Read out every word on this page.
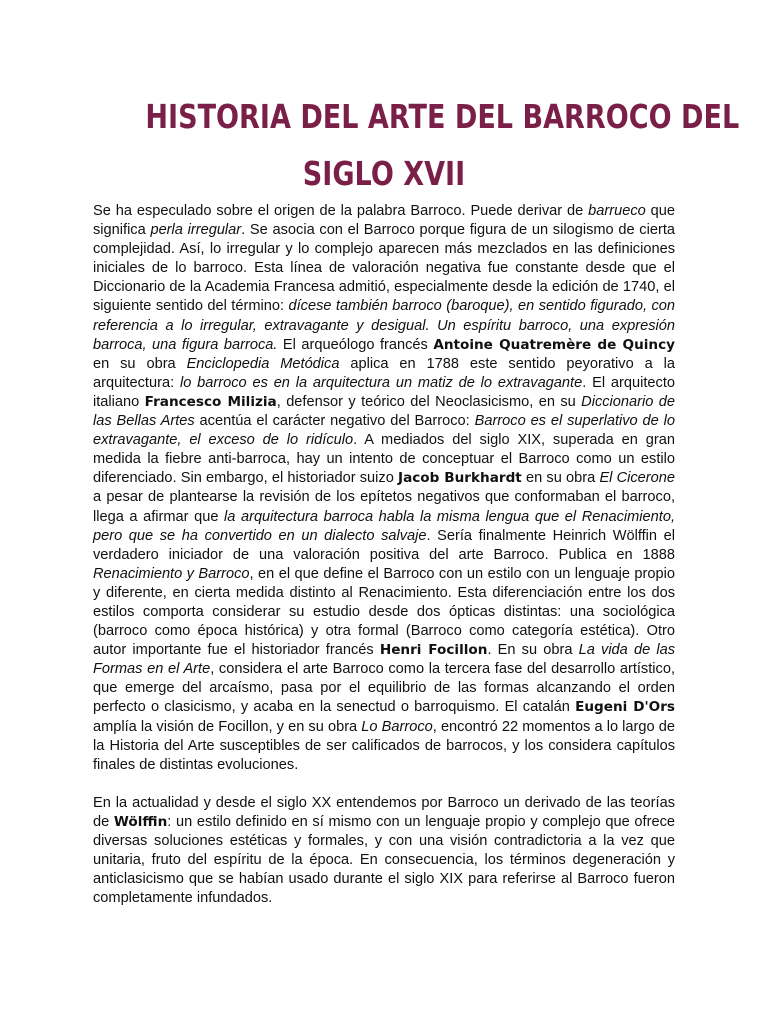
HISTORIA DEL ARTE DEL BARROCO DEL
SIGLO XVII

Se ha especulado sobre el origen de la palabra Barroco. Puede derivar de barrueco que significa perla irregular. Se asocia con el Barroco porque figura de un silogismo de cierta complejidad. Así, lo irregular y lo complejo aparecen más mezclados en las definiciones iniciales de lo barroco. Esta línea de valoración negativa fue constante desde que el Diccionario de la Academia Francesa admitió, especialmente desde la edición de 1740, el siguiente sentido del término: dícese también barroco (baroque), en sentido figurado, con referencia a lo irregular, extravagante y desigual. Un espíritu barroco, una expresión barroca, una figura barroca. El arqueólogo francés Antoine Quatremère de Quincy en su obra Enciclopedia Metódica aplica en 1788 este sentido peyorativo a la arquitectura: lo barroco es en la arquitectura un matiz de lo extravagante. El arquitecto italiano Francesco Milizia, defensor y teórico del Neoclasicismo, en su Diccionario de las Bellas Artes acentúa el carácter negativo del Barroco: Barroco es el superlativo de lo extravagante, el exceso de lo ridículo. A mediados del siglo XIX, superada en gran medida la fiebre anti-barroca, hay un intento de conceptuar el Barroco como un estilo diferenciado. Sin embargo, el historiador suizo Jacob Burkhardt en su obra El Cicerone a pesar de plantearse la revisión de los epítetos negativos que conformaban el barroco, llega a afirmar que la arquitectura barroca habla la misma lengua que el Renacimiento, pero que se ha convertido en un dialecto salvaje. Sería finalmente Heinrich Wölffin el verdadero iniciador de una valoración positiva del arte Barroco. Publica en 1888 Renacimiento y Barroco, en el que define el Barroco con un estilo con un lenguaje propio y diferente, en cierta medida distinto al Renacimiento. Esta diferenciación entre los dos estilos comporta considerar su estudio desde dos ópticas distintas: una sociológica (barroco como época histórica) y otra formal (Barroco como categoría estética). Otro autor importante fue el historiador francés Henri Focillon. En su obra La vida de las Formas en el Arte, considera el arte Barroco como la tercera fase del desarrollo artístico, que emerge del arcaísmo, pasa por el equilibrio de las formas alcanzando el orden perfecto o clasicismo, y acaba en la senectud o barroquismo. El catalán Eugeni D'Ors amplía la visión de Focillon, y en su obra Lo Barroco, encontró 22 momentos a lo largo de la Historia del Arte susceptibles de ser calificados de barrocos, y los considera capítulos finales de distintas evoluciones.

En la actualidad y desde el siglo XX entendemos por Barroco un derivado de las teorías de Wölffin: un estilo definido en sí mismo con un lenguaje propio y complejo que ofrece diversas soluciones estéticas y formales, y con una visión contradictoria a la vez que unitaria, fruto del espíritu de la época. En consecuencia, los términos degeneración y anticlasicismo que se habían usado durante el siglo XIX para referirse al Barroco fueron completamente infundados.
